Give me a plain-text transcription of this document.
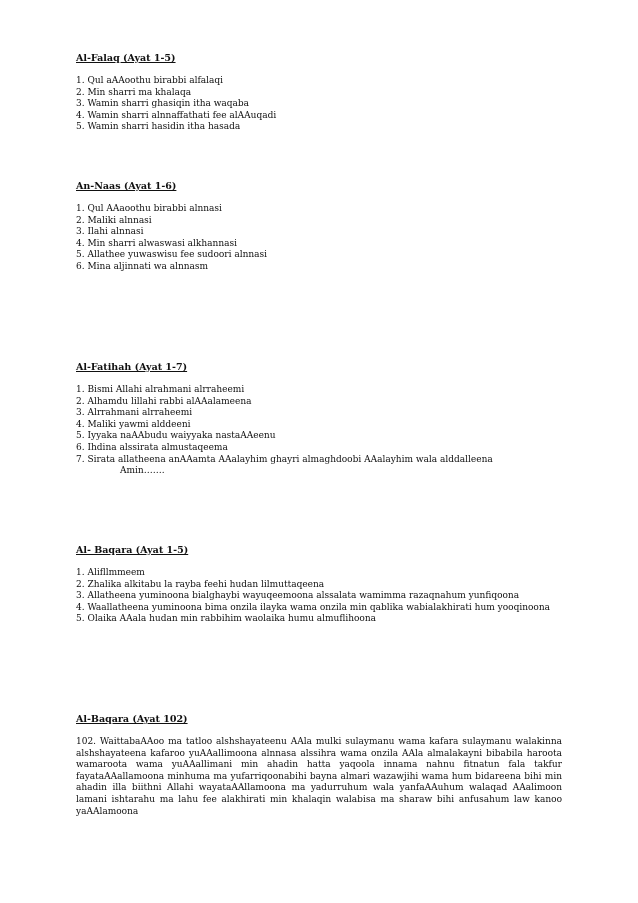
Al-Falaq (Ayat 1-5)

1. Qul aAAoothu birabbi alfalaqi
2. Min sharri ma khalaqa
3. Wamin sharri ghasiqin itha waqaba
4. Wamin sharri alnnaffathati fee alAAuqadi
5. Wamin sharri hasidin itha hasada

An-Naas (Ayat 1-6)

1. Qul AAaoothu birabbi alnnasi
2. Maliki alnnasi
3. Ilahi alnnasi
4. Min sharri alwaswasi alkhannasi
5. Allathee yuwaswisu fee sudoori alnnasi
6. Mina aljinnati wa alnnasm

Al-Fatihah (Ayat 1-7)

1. Bismi Allahi alrahmani alrraheemi
2. Alhamdu lillahi rabbi alAAalameena
3. Alrrahmani alrraheemi
4. Maliki yawmi alddeeni
5. Iyyaka naAAbudu waiyyaka nastaAAeenu
6. Ihdina alssirata almustaqeema
7. Sirata allatheena anAAamta AAalayhim ghayri almaghdoobi AAalayhim wala alddalleena
Amin…….

Al- Baqara (Ayat 1-5)

1. Alifllmmeem
2. Zhalika alkitabu la rayba feehi hudan lilmuttaqeena
3. Allatheena yuminoona bialghaybi wayuqeemoona alssalata wamimma razaqnahum yunfiqoona
4. Waallatheena yuminoona bima onzila ilayka wama onzila min qablika wabialakhirati hum yooqinoona
5. Olaika AAala hudan min rabbihim waolaika humu almuflihoona

Al-Baqara (Ayat 102)

102. WaittabaAAoo ma tatloo alshshayateenu AAla mulki sulaymanu wama kafara sulaymanu walakinna alshshayateena kafaroo yuAAallimoona alnnasa alssihra wama onzila AAla almalakayni bibabila haroota wamaroota wama yuAAallimani min ahadin hatta yaqoola innama nahnu fitnatun fala takfur fayataAAallamoona minhuma ma yufarriqoonabihi bayna almari wazawjihi wama hum bidareena bihi min ahadin illa biithni Allahi wayataAAllamoona ma yadurruhum wala yanfaAAuhum walaqad AAalimoon lamani ishtarahu ma lahu fee alakhirati min khalaqin walabisa ma sharaw bihi anfusahum law kanoo yaAAlamoona
